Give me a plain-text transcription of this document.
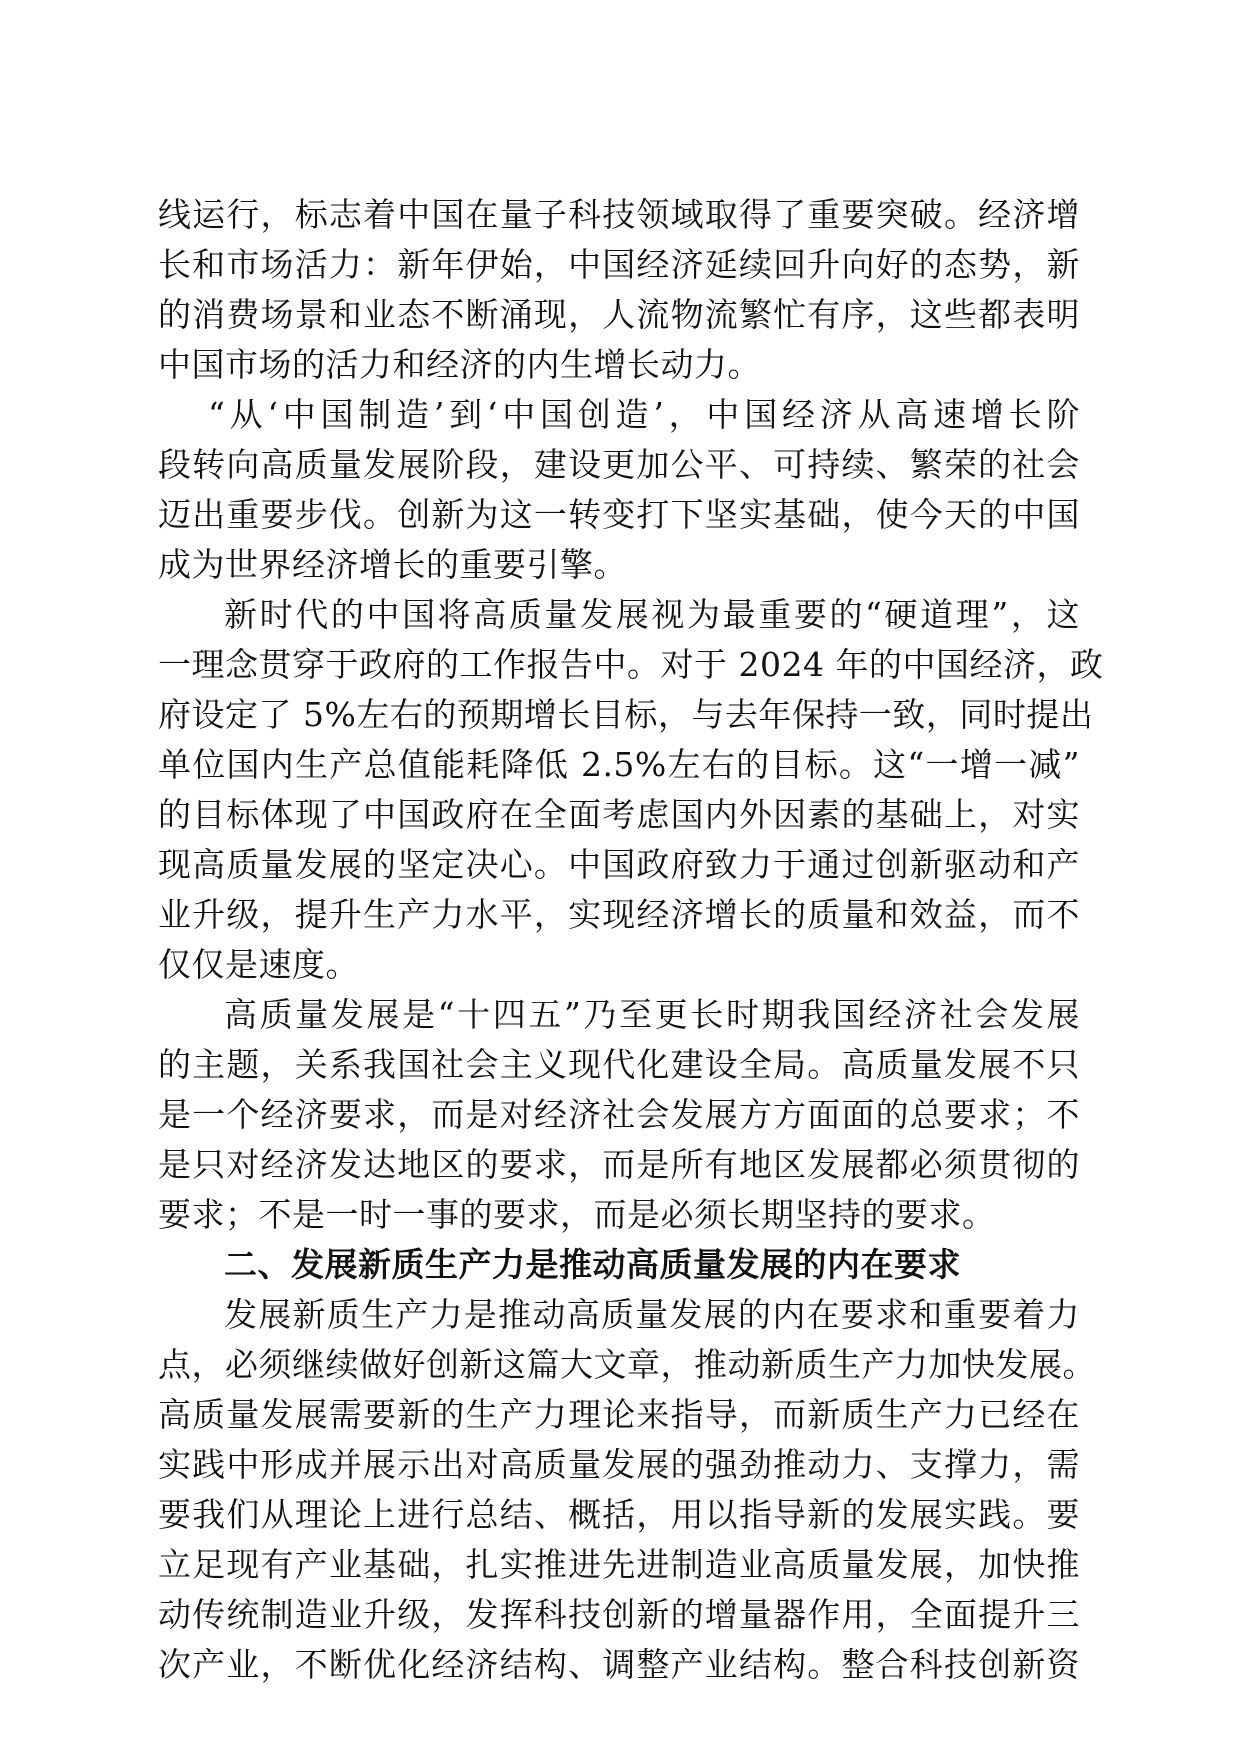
线运行，标志着中国在量子科技领域取得了重要突破。经济增
长和市场活力：新年伊始，中国经济延续回升向好的态势，新
的消费场景和业态不断涌现，人流物流繁忙有序，这些都表明
中国市场的活力和经济的内生增长动力。
“从‘中国制造’到‘中国创造’，中国经济从高速增长阶
段转向高质量发展阶段，建设更加公平、可持续、繁荣的社会
迈出重要步伐。创新为这一转变打下坚实基础，使今天的中国
成为世界经济增长的重要引擎。
新时代的中国将高质量发展视为最重要的“硬道理”，这
一理念贯穿于政府的工作报告中。对于 2024 年的中国经济，政
府设定了 5%左右的预期增长目标，与去年保持一致，同时提出
单位国内生产总值能耗降低 2.5%左右的目标。这“一增一减”
的目标体现了中国政府在全面考虑国内外因素的基础上，对实
现高质量发展的坚定决心。中国政府致力于通过创新驱动和产
业升级，提升生产力水平，实现经济增长的质量和效益，而不
仅仅是速度。
高质量发展是“十四五”乃至更长时期我国经济社会发展
的主题，关系我国社会主义现代化建设全局。高质量发展不只
是一个经济要求，而是对经济社会发展方方面面的总要求；不
是只对经济发达地区的要求，而是所有地区发展都必须贯彻的
要求；不是一时一事的要求，而是必须长期坚持的要求。
二、发展新质生产力是推动高质量发展的内在要求
发展新质生产力是推动高质量发展的内在要求和重要着力
点，必须继续做好创新这篇大文章，推动新质生产力加快发展。
高质量发展需要新的生产力理论来指导，而新质生产力已经在
实践中形成并展示出对高质量发展的强劲推动力、支撑力，需
要我们从理论上进行总结、概括，用以指导新的发展实践。要
立足现有产业基础，扎实推进先进制造业高质量发展，加快推
动传统制造业升级，发挥科技创新的增量器作用，全面提升三
次产业，不断优化经济结构、调整产业结构。整合科技创新资
